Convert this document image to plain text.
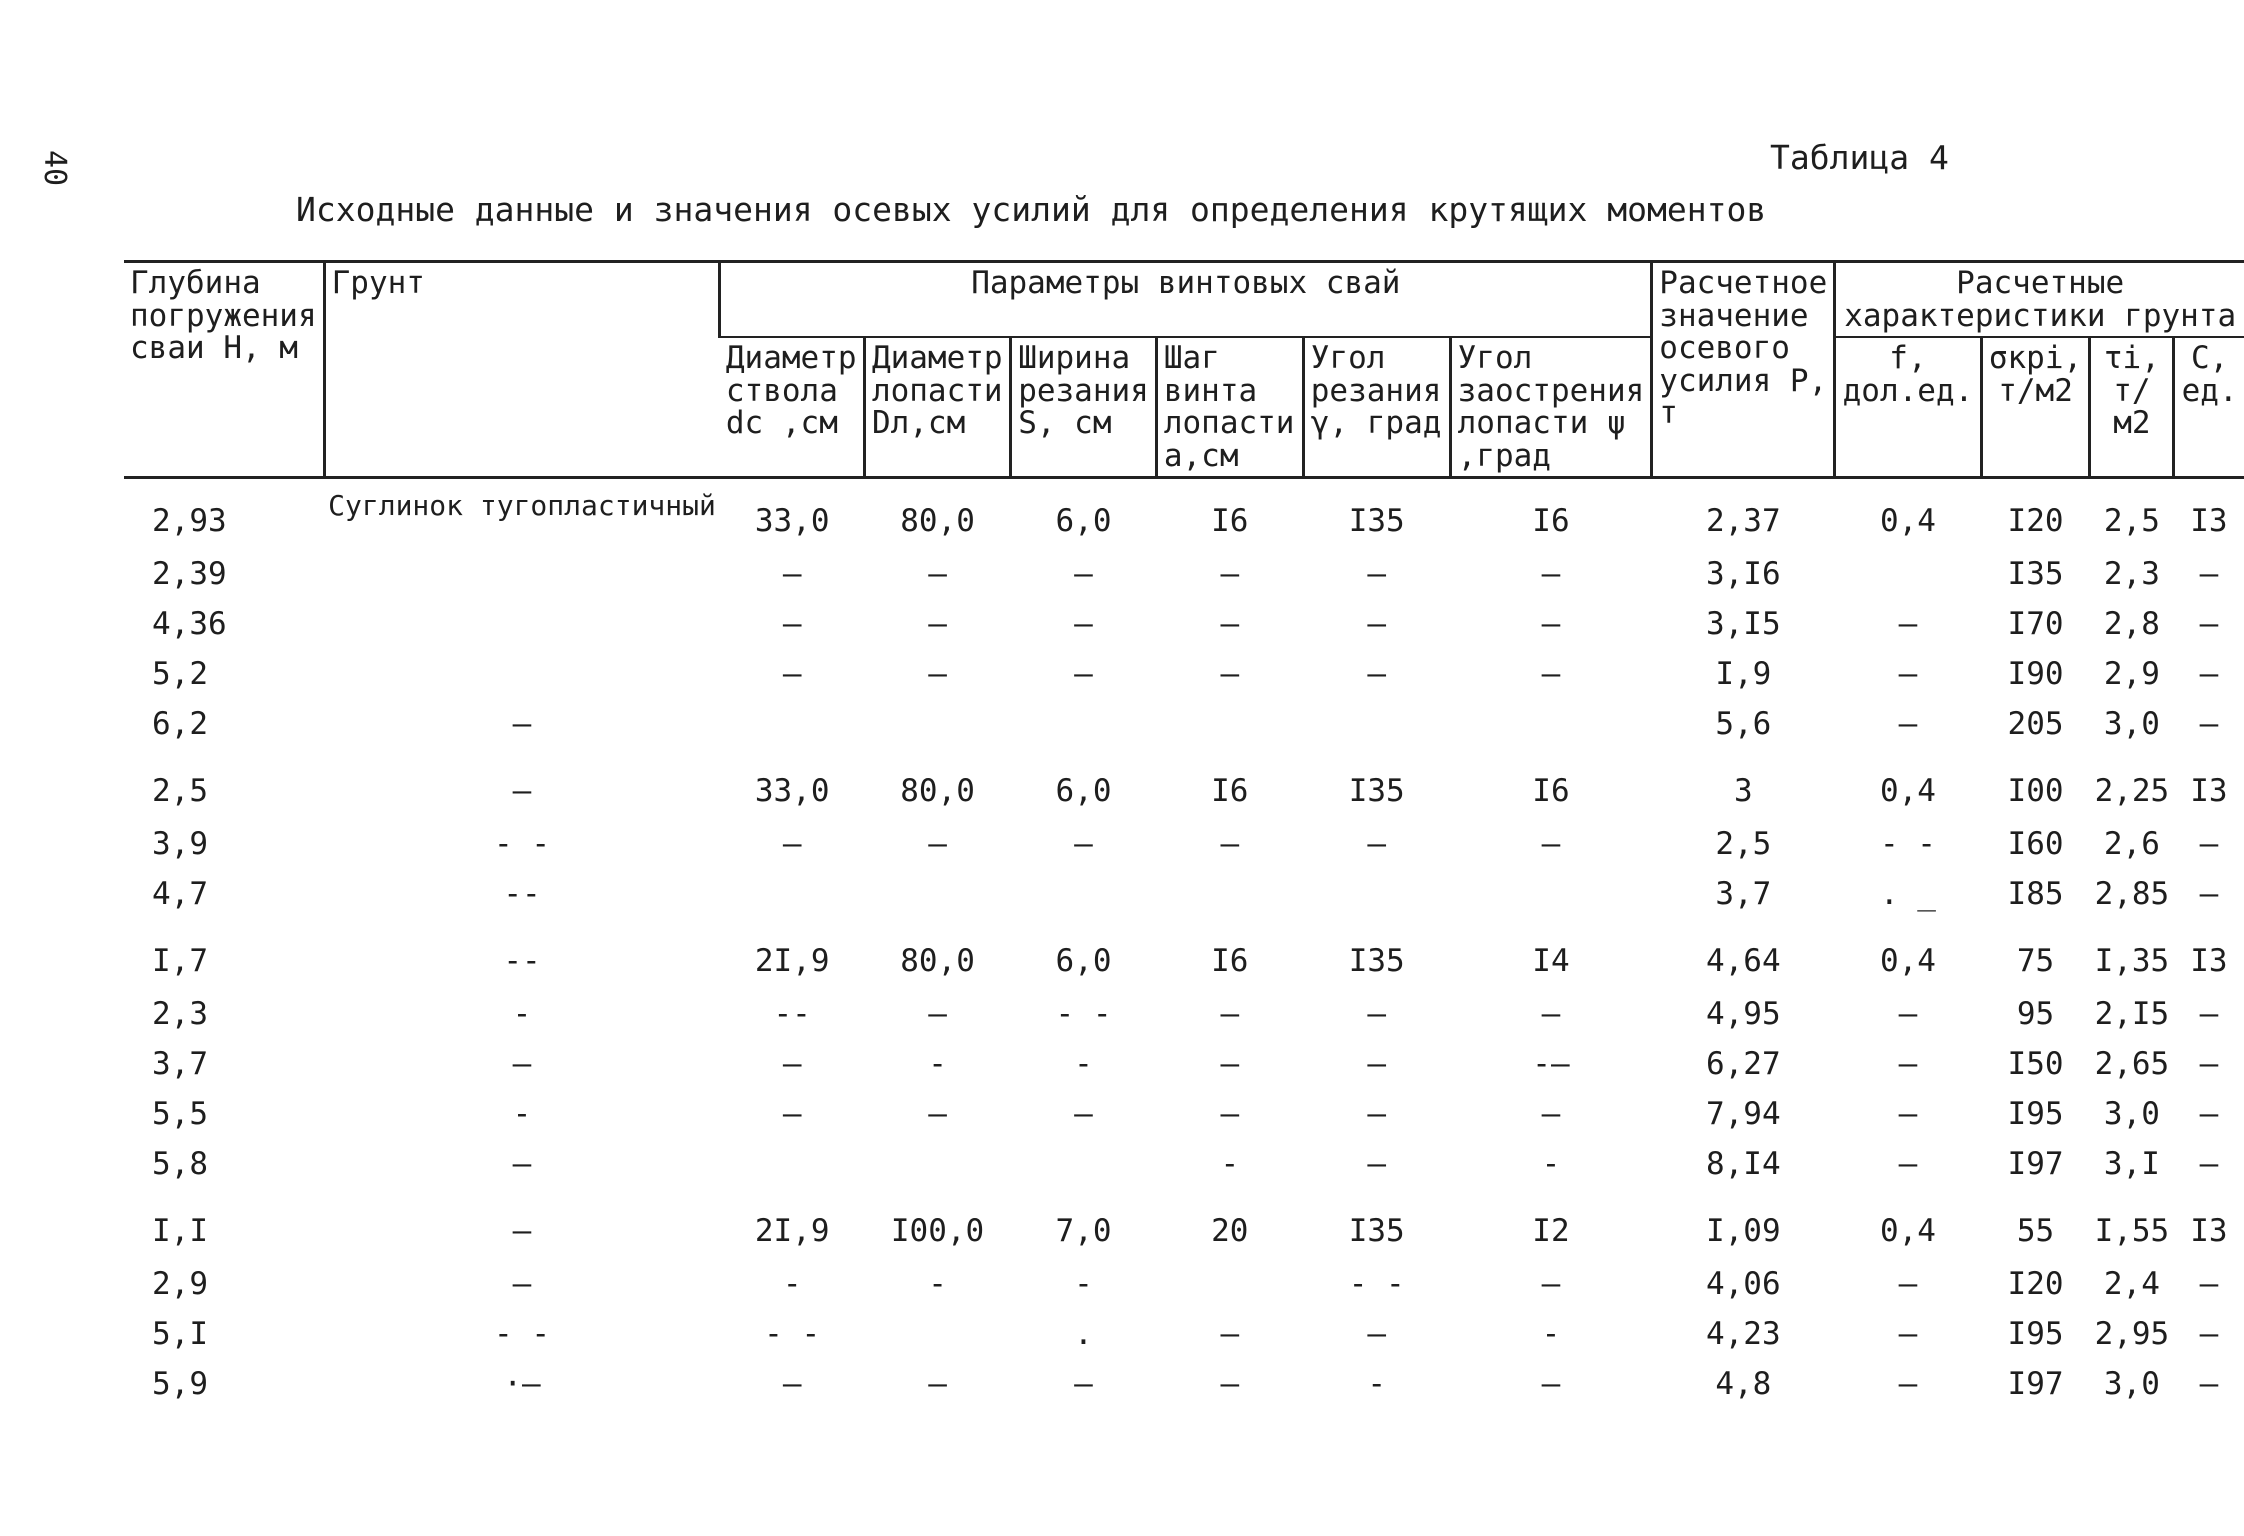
40	Таблица 4
Исходные данные и значения осевых усилий для определения крутящих моментов
Глубина погружения сваи Н, м	Грунт	Параметры винтовых свай						Расчетное значение осевого усилия Р, т	Расчетные характеристики грунта			
		Диаметр ствола dс ,см	Диаметр лопасти Dл,см	Ширина резания S, см	Шаг винта лопасти а,см	Угол резания γ, град	Угол заострения лопасти ψ ,град		f, дол.ед.	σкрi, т/м2	τi, т/м2	C, ед.
2,93	Суглинок тугопластичный	33,0	80,0	6,0	I6	I35	I6	2,37	0,4	I20	2,5	I3
2,39		–	—	–	–	–	–	3,I6		I35	2,3	–
4,36		–	–	–	–	–	–	3,I5	–	I70	2,8	–
5,2		–	–	–	–	–	–	I,9	—	I90	2,9	—
6,2	—							5,6	–	205	3,0	—
2,5	—	33,0	80,0	6,0	I6	I35	I6	3	0,4	I00	2,25	I3
3,9	- -	—	–	—	–	—	—	2,5	- -	I60	2,6	–
4,7	--							3,7	. _	I85	2,85	–
I,7	--	2I,9	80,0	6,0	I6	I35	I4	4,64	0,4	75	I,35	I3
2,3	-	--	–	- -	—	—	–	4,95	–	95	2,I5	—
3,7	—	–	-	-	–	–	-–	6,27	—	I50	2,65	—
5,5	-	–	–	–	–	–	—	7,94	–	I95	3,0	—
5,8	—				-	–	-	8,I4	–	I97	3,I	–
I,I	—	2I,9	I00,0	7,0	20	I35	I2	I,09	0,4	55	I,55	I3
2,9	—	-	-	-		- -	—	4,06	—	I20	2,4	–
5,I	- -	- -		.	–	–	-	4,23	—	I95	2,95	—
5,9	·—	—	–	–	–	-	—	4,8	—	I97	3,0	—
